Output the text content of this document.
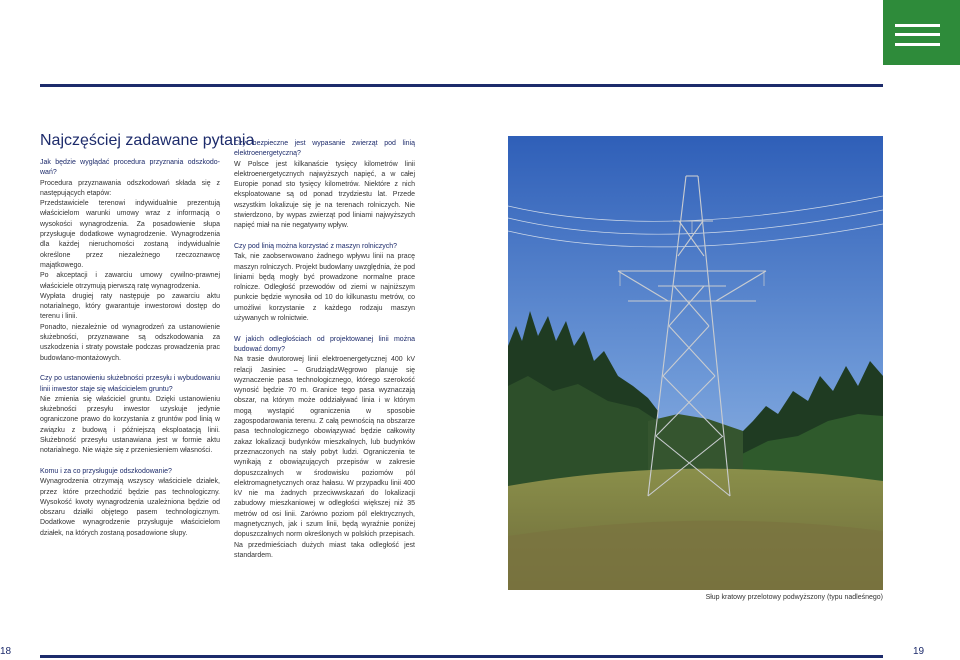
Najczęściej zadawane pytania

Jak będzie wyglądać procedura przyznania odszkodowań?

Procedura przyznawania odszkodowań składa się z następujących etapów:

Przedstawiciele terenowi indywidualnie prezentują właścicielom warunki umowy wraz z informacją o wysokości wynagrodzenia. Za posadowienie słupa przysługuje dodatkowe wynagrodzenie. Wynagrodzenia dla każdej nieruchomości zostaną indywidualnie określone przez niezależnego rzeczoznawcę majątkowego.

Po akceptacji i zawarciu umowy cywilno-prawnej właściciele otrzymują pierwszą ratę wynagrodzenia.

Wypłata drugiej raty następuje po zawarciu aktu notarialnego, który gwarantuje inwestorowi dostęp do terenu i linii.

Ponadto, niezależnie od wynagrodzeń za ustanowienie służebności, przyznawane są odszkodowania za uszkodzenia i straty powstałe podczas prowadzenia prac budowlano-montażowych.

Czy po ustanowieniu służebności przesyłu i wybudowaniu linii inwestor staje się właścicielem gruntu?

Nie zmienia się właściciel gruntu. Dzięki ustanowieniu służebności przesyłu inwestor uzyskuje jedynie ograniczone prawo do korzystania z gruntów pod linią w związku z budową i późniejszą eksploatacją linii. Służebność przesyłu ustanawiana jest w formie aktu notarialnego. Nie wiąże się z przeniesieniem własności.

Komu i za co przysługuje odszkodowanie?

Wynagrodzenia otrzymają wszyscy właściciele działek, przez które przechodzić będzie pas technologiczny. Wysokość kwoty wynagrodzenia uzależniona będzie od obszaru działki objętego pasem technologicznym. Dodatkowe wynagrodzenie przysługuje właścicielom działek, na których zostaną posadowione słupy.

Czy bezpieczne jest wypasanie zwierząt pod linią elektroenergetyczną?

W Polsce jest kilkanaście tysięcy kilometrów linii elektroenergetycznych najwyższych napięć, a w całej Europie ponad sto tysięcy kilometrów. Niektóre z nich eksploatowane są od ponad trzydziestu lat. Przede wszystkim lokalizuje się je na terenach rolniczych. Nie stwierdzono, by wypas zwierząt pod liniami najwyższych napięć miał na nie negatywny wpływ.

Czy pod linią można korzystać z maszyn rolniczych?

Tak, nie zaobserwowano żadnego wpływu linii na pracę maszyn rolniczych. Projekt budowlany uwzględnia, że pod liniami będą mogły być prowadzone normalne prace rolnicze. Odległość przewodów od ziemi w najniższym punkcie będzie wynosiła od 10 do kilkunastu metrów, co umożliwi korzystanie z każdego rodzaju maszyn używanych w rolnictwie.

W jakich odległościach od projektowanej linii można budować domy?

Na trasie dwutorowej linii elektroenergetycznej 400 kV relacji Jasiniec – GrudziądzWęgrowo planuje się wyznaczenie pasa technologicznego, którego szerokość wynosić będzie 70 m. Granice tego pasa wyznaczają obszar, na którym może oddziaływać linia i w którym mogą wystąpić ograniczenia w sposobie zagospodarowania terenu. Z całą pewnością na obszarze pasa technologicznego obowiązywać będzie całkowity zakaz lokalizacji budynków mieszkalnych, lub budynków przeznaczonych na stały pobyt ludzi. Ograniczenia te wynikają z obowiązujących przepisów w zakresie dopuszczalnych w środowisku poziomów pól elektromagnetycznych oraz hałasu. W przypadku linii 400 kV nie ma żadnych przeciwwskazań do lokalizacji zabudowy mieszkaniowej w odległości większej niż 35 metrów od osi linii. Zarówno poziom pól elektrycznych, magnetycznych, jak i szum linii, będą wyraźnie poniżej dopuszczalnych norm określonych w polskich przepisach. Na przedmieściach dużych miast taka odległość jest standardem.

Słup kratowy przelotowy podwyższony (typu nadleśnego)
18	19
